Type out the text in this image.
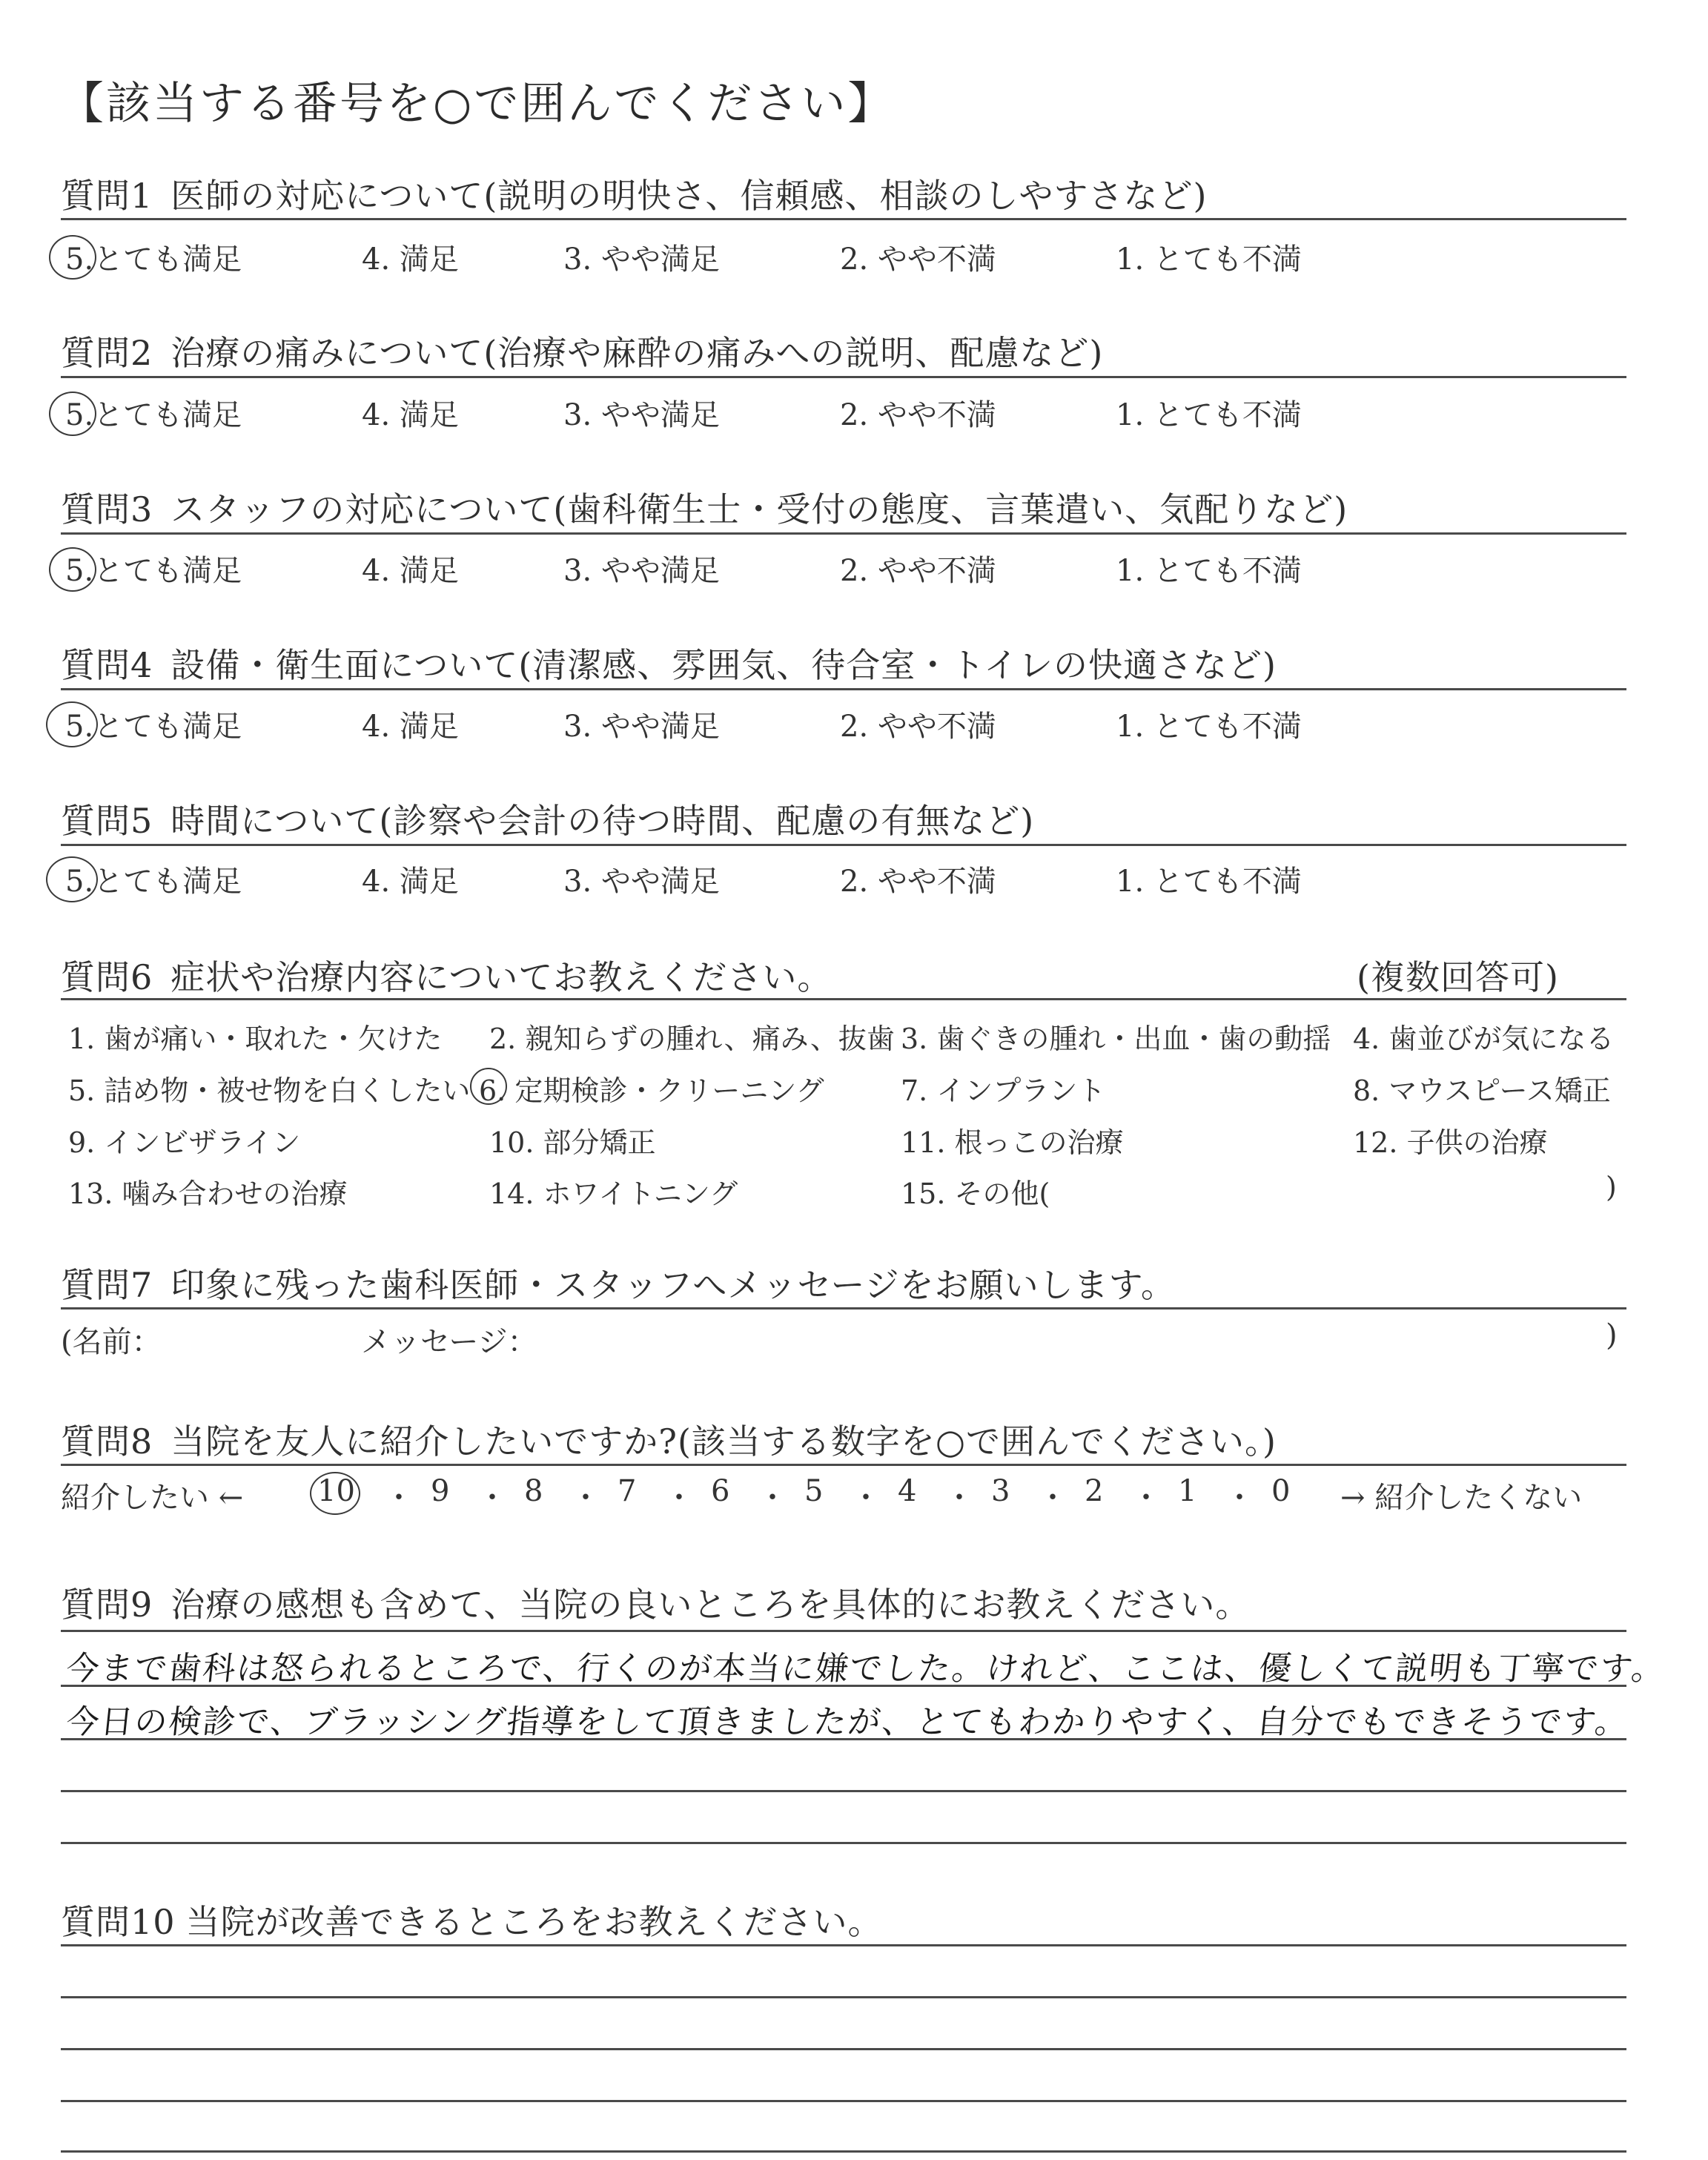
【該当する番号を○で囲んでください】
質問1 医師の対応について(説明の明快さ、信頼感、相談のしやすさなど)
5.とても満足	4. 満足	3. やや満足	2. やや不満	1. とても不満
質問2 治療の痛みについて(治療や麻酔の痛みへの説明、配慮など)
5.とても満足	4. 満足	3. やや満足	2. やや不満	1. とても不満
質問3 スタッフの対応について(歯科衛生士・受付の態度、言葉遣い、気配りなど)
5.とても満足	4. 満足	3. やや満足	2. やや不満	1. とても不満
質問4 設備・衛生面について(清潔感、雰囲気、待合室・トイレの快適さなど)
5.とても満足	4. 満足	3. やや満足	2. やや不満	1. とても不満
質問5 時間について(診察や会計の待つ時間、配慮の有無など)
5.とても満足	4. 満足	3. やや満足	2. やや不満	1. とても不満
質問6 症状や治療内容についてお教えください。	(複数回答可)
1. 歯が痛い・取れた・欠けた 2. 親知らずの腫れ、痛み、抜歯 3. 歯ぐきの腫れ・出血・歯の動揺 4. 歯並びが気になる
5. 詰め物・被せ物を白くしたい 6. 定期検診・クリーニング	7. インプラント	8. マウスピース矯正
9. インビザライン	10. 部分矯正	11. 根っこの治療	12. 子供の治療
13. 噛み合わせの治療	14. ホワイトニング	15. その他(	)
質問7 印象に残った歯科医師・スタッフへメッセージをお願いします。
(名前：	メッセージ：	)
質問8 当院を友人に紹介したいですか?(該当する数字を○で囲んでください。)
紹介したい ← 10 ・ 9 ・ 8 ・ 7 ・ 6 ・ 5 ・ 4 ・ 3 ・ 2 ・ 1 ・ 0 → 紹介したくない
質問9 治療の感想も含めて、当院の良いところを具体的にお教えください。
今まで歯科は怒られるところで、行くのが本当に嫌でした。けれど、ここは、優しくて説明も丁寧です。
今日の検診で、ブラッシング指導をして頂きましたが、とてもわかりやすく、自分でもできそうです。
質問10 当院が改善できるところをお教えください。
